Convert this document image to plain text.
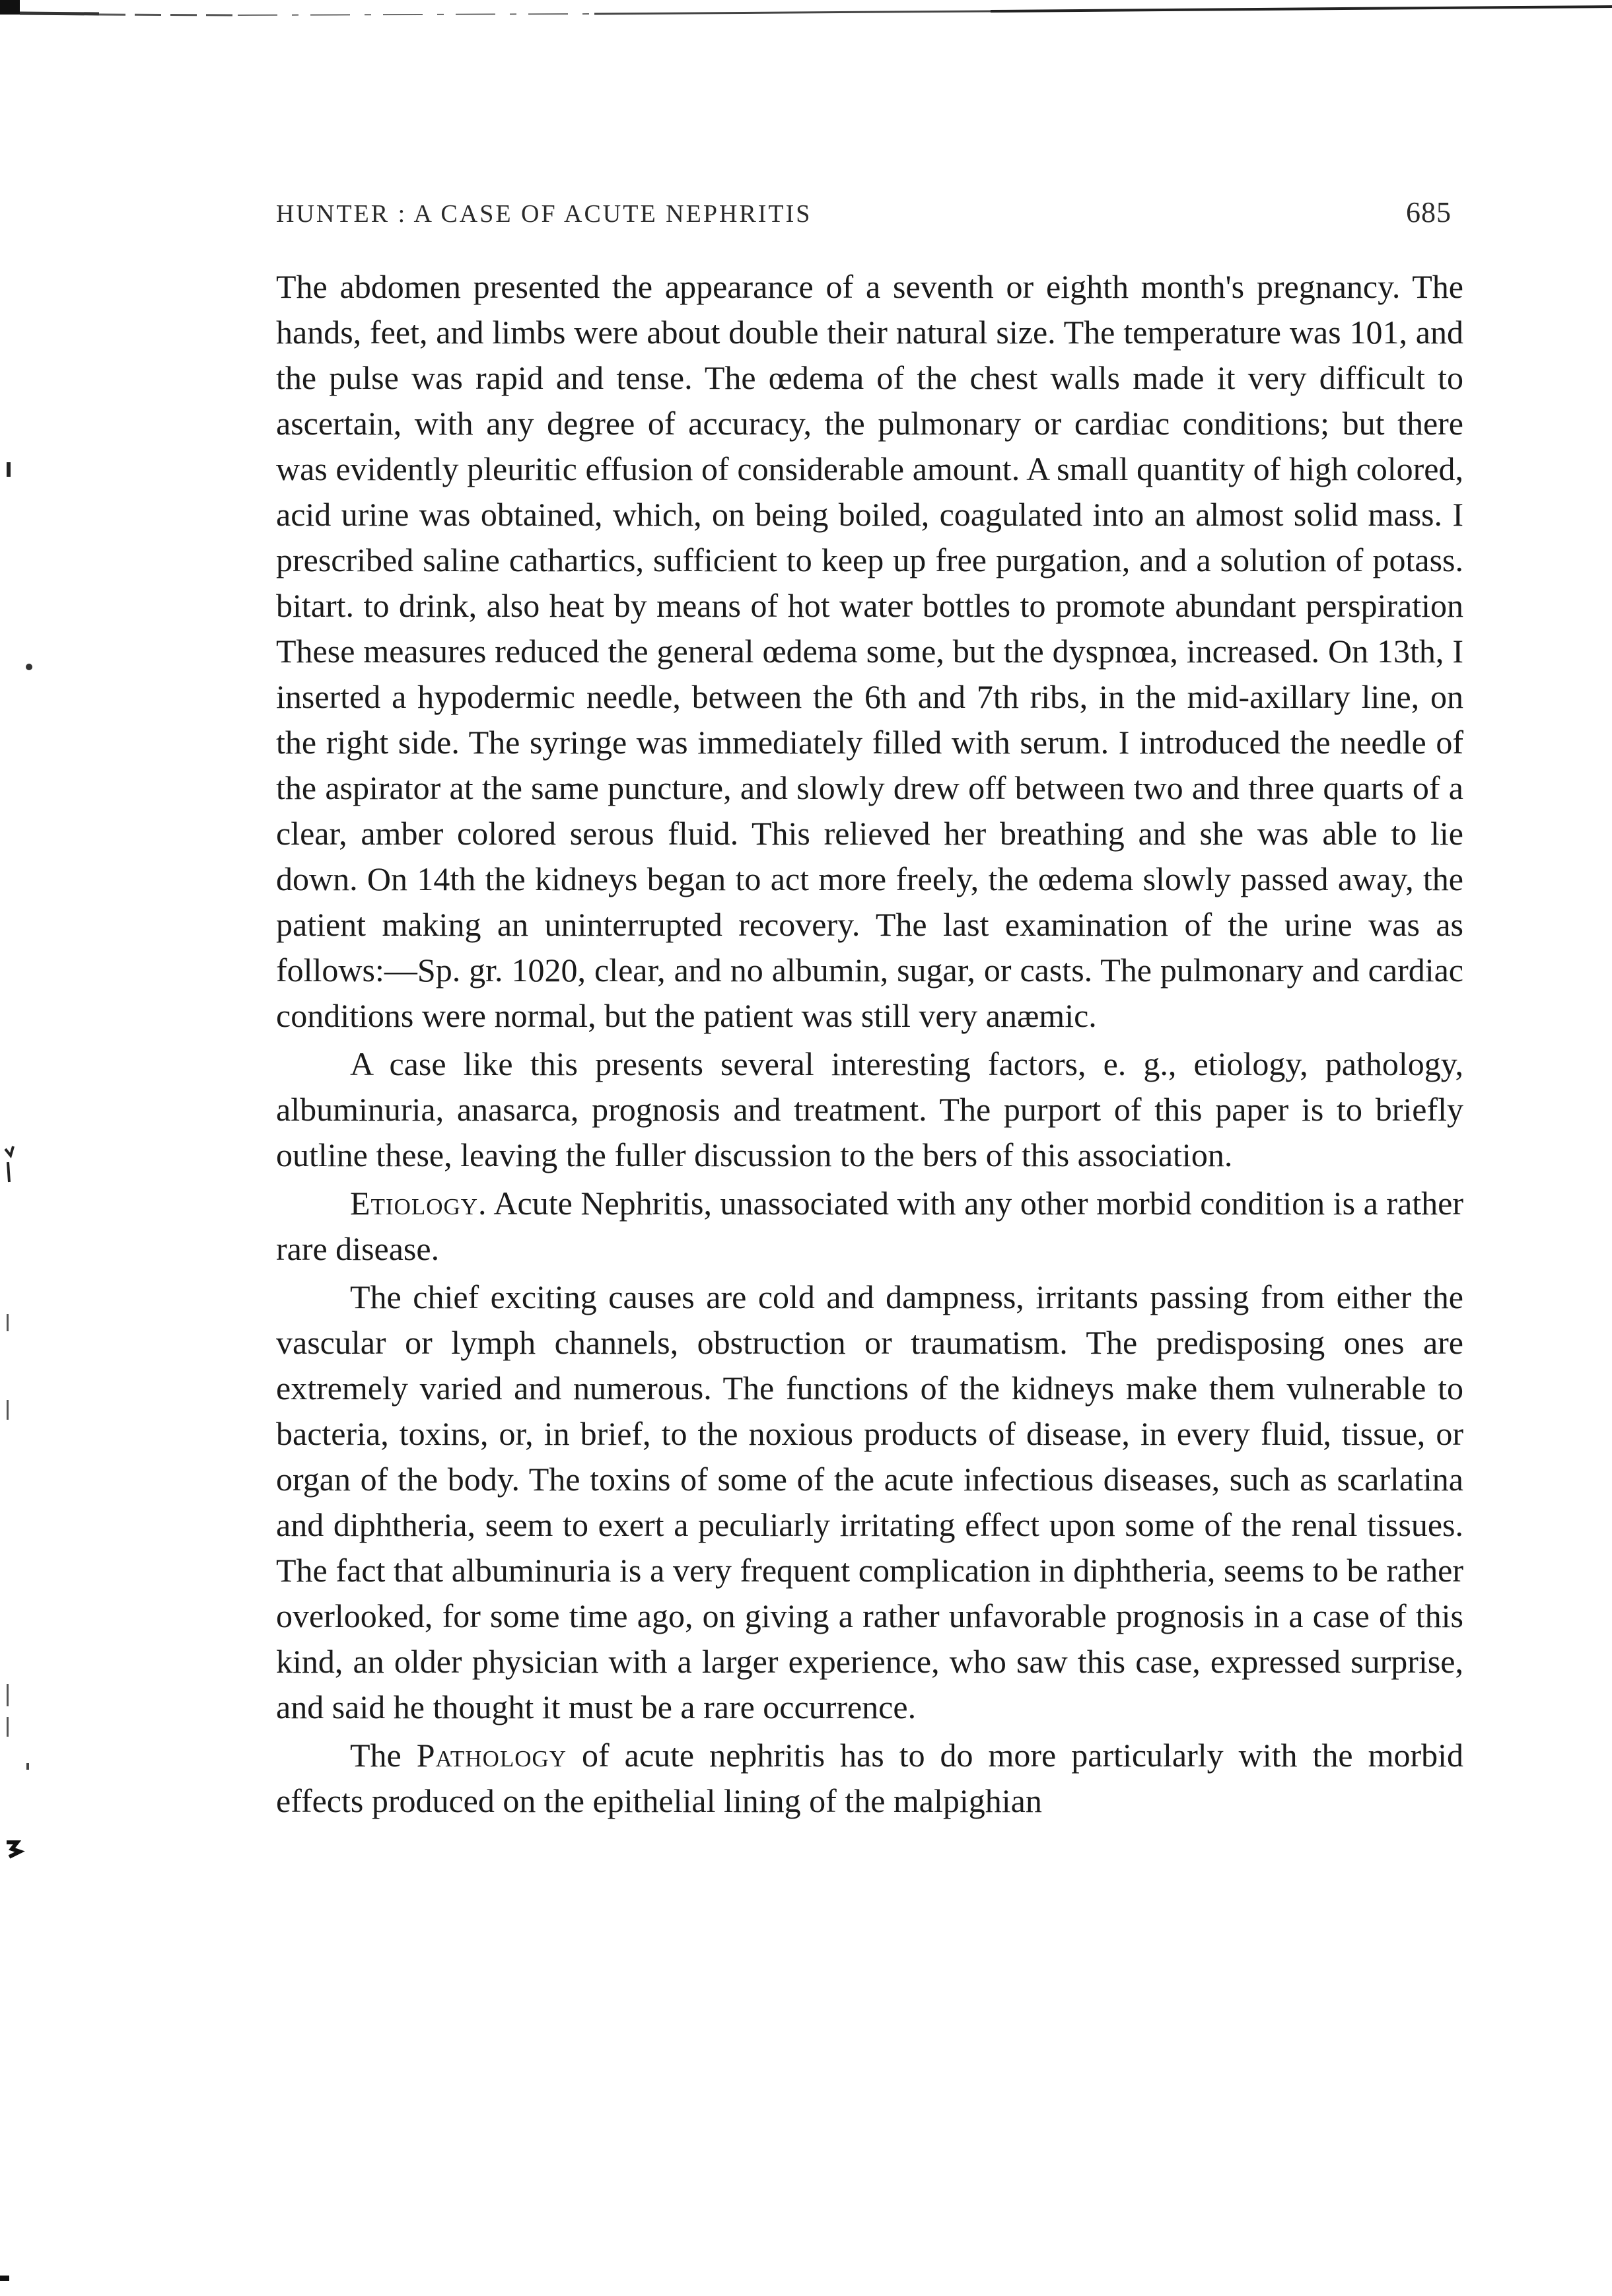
HUNTER : A CASE OF ACUTE NEPHRITIS	685

The abdomen presented the appearance of a seventh or eighth month's pregnancy. The hands, feet, and limbs were about double their natural size. The temperature was 101, and the pulse was rapid and tense. The œdema of the chest walls made it very difficult to ascertain, with any degree of accuracy, the pulmonary or cardiac conditions; but there was evidently pleuritic effusion of considerable amount. A small quantity of high colored, acid urine was obtained, which, on being boiled, coagulated into an almost solid mass. I prescribed saline cathartics, sufficient to keep up free purgation, and a solution of potass. bitart. to drink, also heat by means of hot water bottles to promote abundant perspiration These measures reduced the general œdema some, but the dyspnœa, increased. On 13th, I inserted a hypodermic needle, between the 6th and 7th ribs, in the mid-axillary line, on the right side. The syringe was immediately filled with serum. I introduced the needle of the aspirator at the same puncture, and slowly drew off between two and three quarts of a clear, amber colored serous fluid. This relieved her breathing and she was able to lie down. On 14th the kidneys began to act more freely, the œdema slowly passed away, the patient making an uninterrupted recovery. The last examination of the urine was as follows:—Sp. gr. 1020, clear, and no albumin, sugar, or casts. The pulmonary and cardiac conditions were normal, but the patient was still very anæmic.

A case like this presents several interesting factors, e. g., etiology, pathology, albuminuria, anasarca, prognosis and treatment. The purport of this paper is to briefly outline these, leaving the fuller discussion to the bers of this association.

Etiology. Acute Nephritis, unassociated with any other morbid condition is a rather rare disease.

The chief exciting causes are cold and dampness, irritants passing from either the vascular or lymph channels, obstruction or traumatism. The predisposing ones are extremely varied and numerous. The functions of the kidneys make them vulnerable to bacteria, toxins, or, in brief, to the noxious products of disease, in every fluid, tissue, or organ of the body. The toxins of some of the acute infectious diseases, such as scarlatina and diphtheria, seem to exert a peculiarly irritating effect upon some of the renal tissues. The fact that albuminuria is a very frequent complication in diphtheria, seems to be rather overlooked, for some time ago, on giving a rather unfavorable prognosis in a case of this kind, an older physician with a larger experience, who saw this case, expressed surprise, and said he thought it must be a rare occurrence.

The Pathology of acute nephritis has to do more particularly with the morbid effects produced on the epithelial lining of the malpighian
